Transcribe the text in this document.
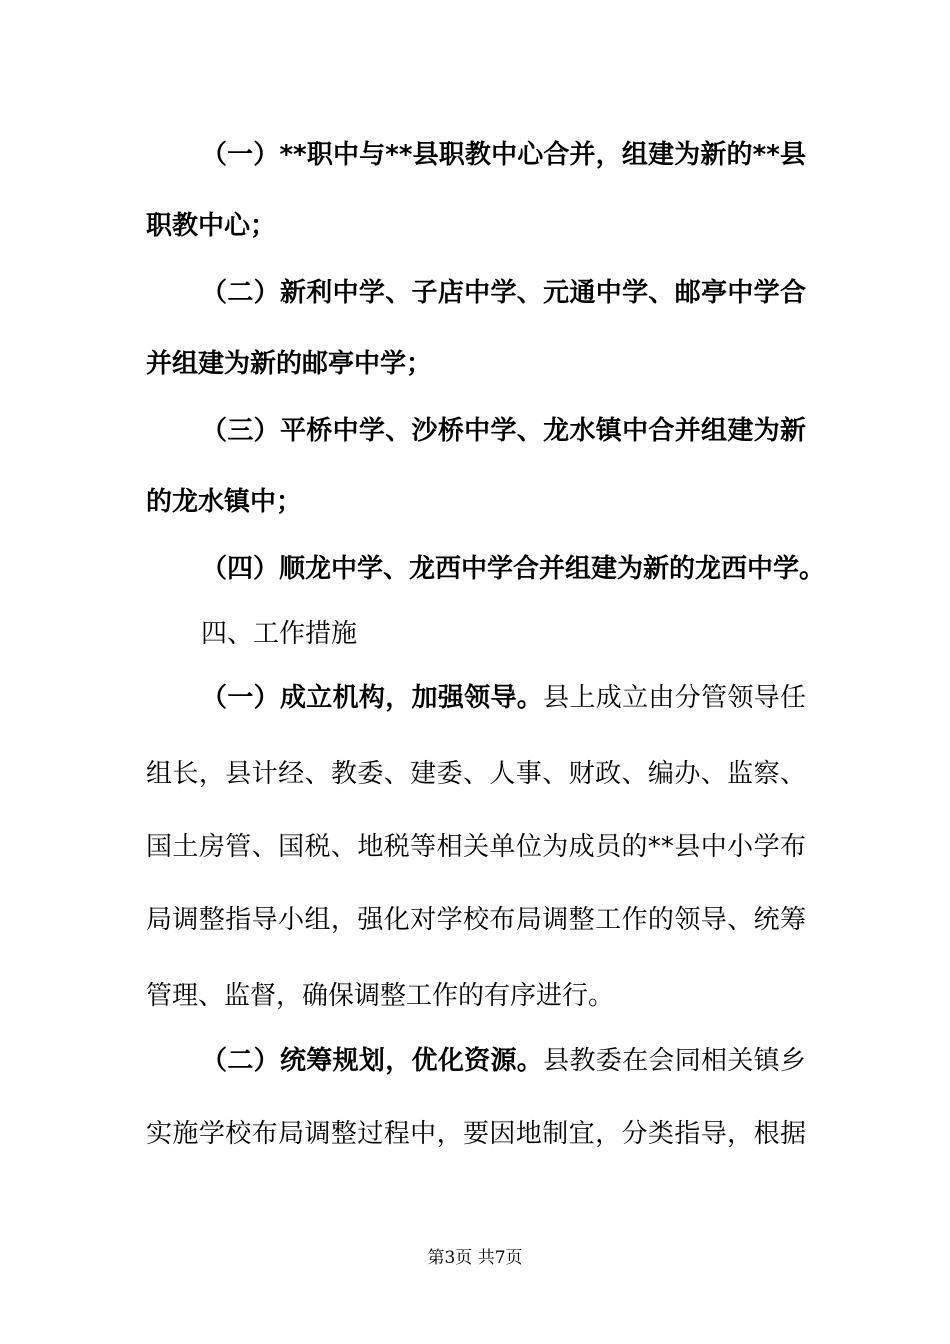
（一）**职中与**县职教中心合并，组建为新的**县
职教中心；
（二）新利中学、子店中学、元通中学、邮亭中学合
并组建为新的邮亭中学；
（三）平桥中学、沙桥中学、龙水镇中合并组建为新
的龙水镇中；
（四）顺龙中学、龙西中学合并组建为新的龙西中学。
四、工作措施
（一）成立机构，加强领导。县上成立由分管领导任
组长，县计经、教委、建委、人事、财政、编办、监察、
国土房管、国税、地税等相关单位为成员的**县中小学布
局调整指导小组，强化对学校布局调整工作的领导、统筹
管理、监督，确保调整工作的有序进行。
（二）统筹规划，优化资源。县教委在会同相关镇乡
实施学校布局调整过程中，要因地制宜，分类指导，根据
第3页 共7页
